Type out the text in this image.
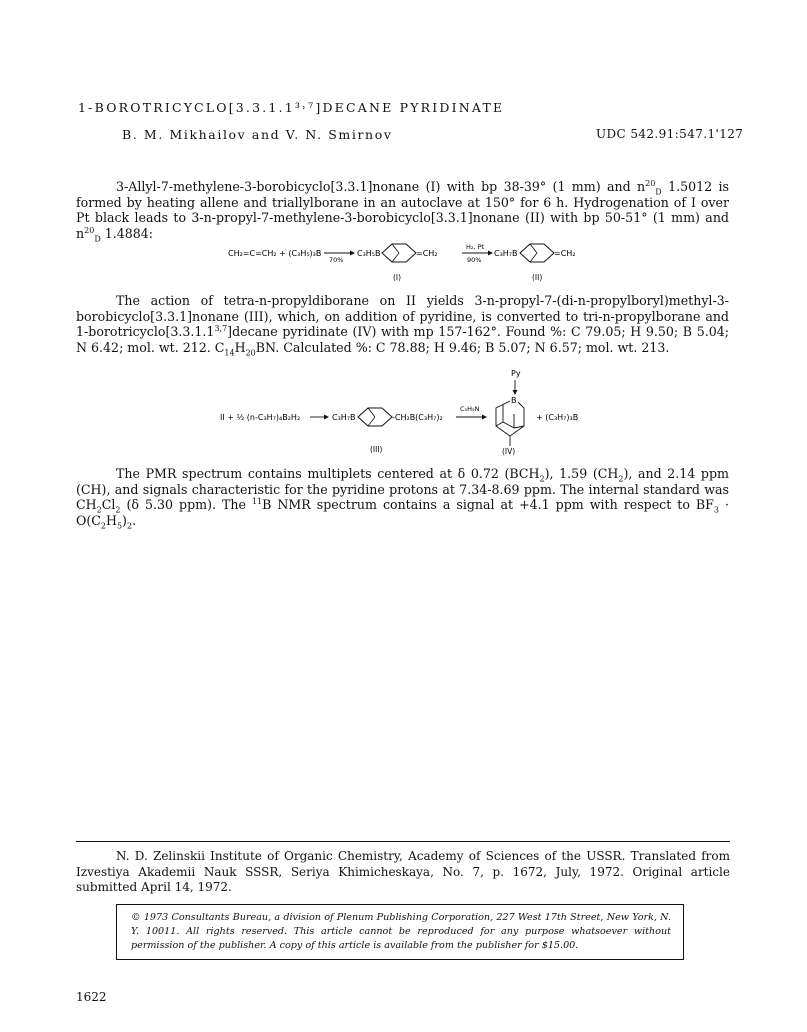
1-BOROTRICYCLO[3.3.1.1³˒⁷]DECANE PYRIDINATE
B. M. Mikhailov and V. N. Smirnov	UDC 542.91:547.1'127

3-Allyl-7-methylene-3-borobicyclo[3.3.1]nonane (I) with bp 38-39° (1 mm) and $n^{20}_D$ 1.5012 is formed by heating allene and triallylborane in an autoclave at 150° for 6 h. Hydrogenation of I over Pt black leads to 3-n-propyl-7-methylene-3-borobicyclo[3.3.1]nonane (II) with bp 50-51° (1 mm) and $n^{20}_D$ 1.4884:

CH₂=C=CH₂ + (C₃H₅)₃B
70%
C₃H₅B	=CH₂
H₂, Pt
90%
C₃H₇B	=CH₂
(I)	(II)

The action of tetra-n-propyldiborane on II yields 3-n-propyl-7-(di-n-propylboryl)methyl-3-borobicyclo[3.3.1]nonane (III), which, on addition of pyridine, is converted to tri-n-propylborane and 1-borotricyclo[3.3.1.1$^{3,7}$]decane pyridinate (IV) with mp 157-162°. Found %: C 79.05; H 9.50; B 5.04; N 6.42; mol. wt. 212. $C_{14}H_{20}BN$. Calculated %: C 78.88; H 9.46; B 5.07; N 6.57; mol. wt. 213.

II + ½ (n-C₃H₇)₄B₂H₂	C₃H₇B	-CH₂B(C₃H₇)₂
C₅H₅N
Py
B
+ (C₃H₇)₃B
(III)	(IV)

The PMR spectrum contains multiplets centered at δ 0.72 $(BCH_2)$, 1.59 $(CH_2)$, and 2.14 ppm (CH), and signals characteristic for the pyridine protons at 7.34-8.69 ppm. The internal standard was $CH_2Cl_2$ (δ 5.30 ppm). The $^{11}$B NMR spectrum contains a signal at +4.1 ppm with respect to $BF_3 \cdot O(C_2H_5)_2$.

N. D. Zelinskii Institute of Organic Chemistry, Academy of Sciences of the USSR. Translated from Izvestiya Akademii Nauk SSSR, Seriya Khimicheskaya, No. 7, p. 1672, July, 1972. Original article submitted April 14, 1972.

© 1973 Consultants Bureau, a division of Plenum Publishing Corporation, 227 West 17th Street, New York, N. Y. 10011. All rights reserved. This article cannot be reproduced for any purpose whatsoever without permission of the publisher. A copy of this article is available from the publisher for $15.00.

1622
